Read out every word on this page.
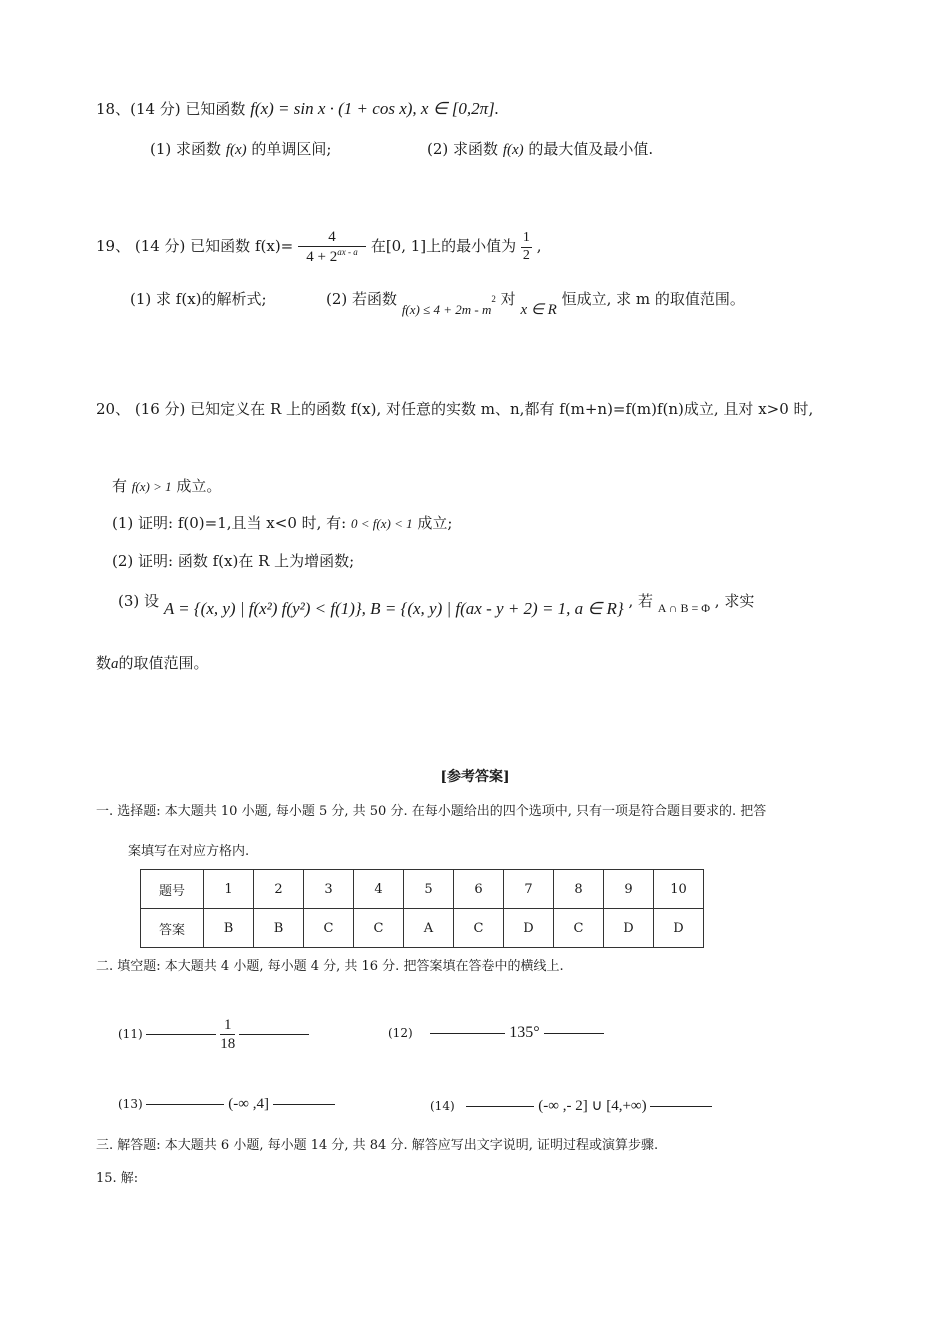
18、(14 分) 已知函数 f(x) = sin x · (1 + cos x), x ∈ [0,2π].
(1) 求函数 f(x) 的单调区间;	(2) 求函数 f(x) 的最大值及最小值.
19、 (14 分) 已知函数 $f(x)= \frac{4}{4 + 2^{ax - a}}$ 在[0, 1]上的最小值为 $\frac{1}{2}$ ,
(1) 求 f(x)的解析式;	(2) 若函数 $f(x) \le 4 + 2m - m^2$ 对 x ∈ R 恒成立, 求 m 的取值范围。
20、 (16 分) 已知定义在 R 上的函数 f(x), 对任意的实数 m、n,都有 f(m+n)=f(m)f(n)成立, 且对 x>0 时,
有 f(x) > 1 成立。
(1) 证明: f(0)=1,且当 x<0 时, 有: 0 < f(x) < 1 成立;
(2) 证明: 函数 f(x)在 R 上为增函数;
(3) 设 A = {(x, y) | f(x²) f(y²) < f(1)}, B = {(x, y) | f(ax - y + 2) = 1, a ∈ R} , 若 $_{A \cap B = \Phi}$ , 求实
数a的取值范围。
[参考答案]
一. 选择题: 本大题共 10 小题, 每小题 5 分, 共 50 分. 在每小题给出的四个选项中, 只有一项是符合题目要求的. 把答
案填写在对应方格内.
题号	1	2	3	4	5	6	7	8	9	10
答案	B	B	C	C	A	C	D	C	D	D
二. 填空题: 本大题共 4 小题, 每小题 4 分, 共 16 分. 把答案填在答卷中的横线上.
(11)	$\frac{1}{18}$
	(12)	135°
(13)	(-∞ ,4]	(14)	(-∞ ,- 2] ∪ [4,+∞)
三. 解答题: 本大题共 6 小题, 每小题 14 分, 共 84 分. 解答应写出文字说明, 证明过程或演算步骤.
15. 解:
